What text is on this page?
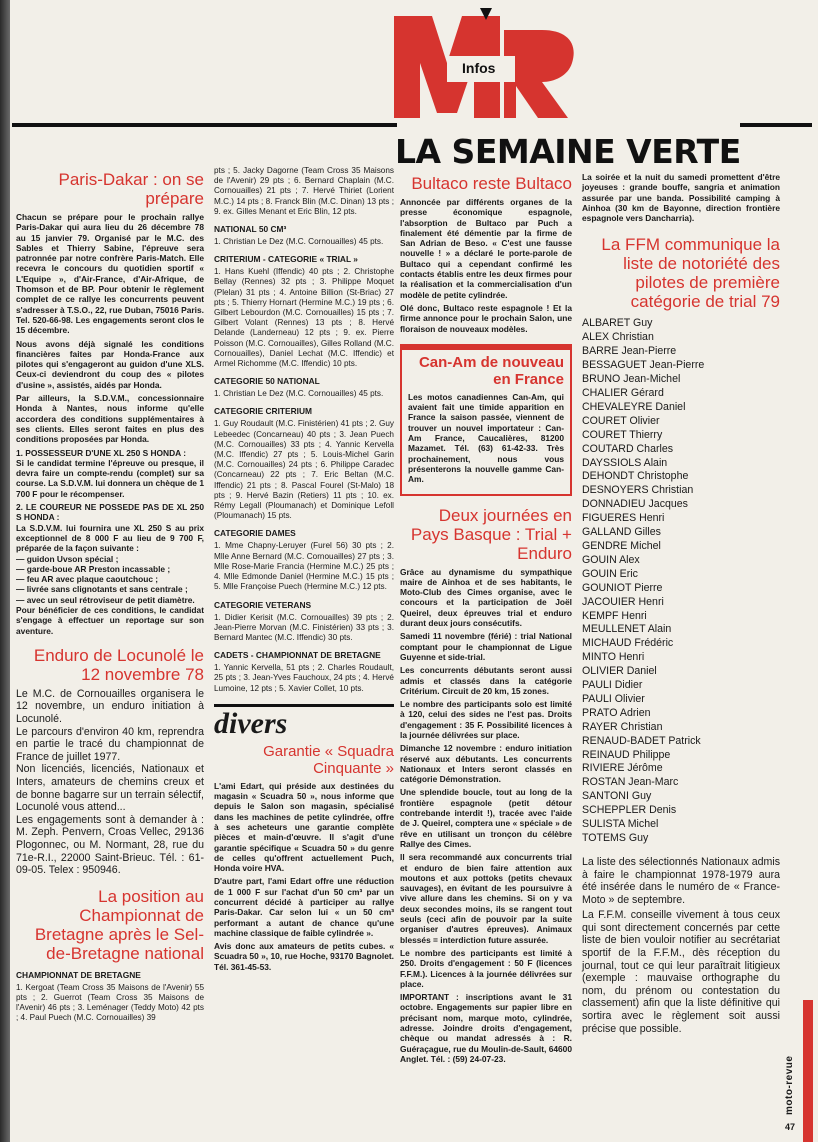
Infos
LA SEMAINE VERTE
Paris-Dakar : on se prépare

Chacun se prépare pour le prochain rallye Paris-Dakar qui aura lieu du 26 décembre 78 au 15 janvier 79. Organisé par le M.C. des Sables et Thierry Sabine, l'épreuve sera patronnée par notre confrère Paris-Match. Elle recevra le concours du quotidien sportif « L'Equipe », d'Air-France, d'Air-Afrique, de Thomson et de BP. Pour obtenir le règlement complet de ce rallye les concurrents peuvent s'adresser à T.S.O., 22, rue Duban, 75016 Paris. Tel. 520-66-98. Les engagements seront clos le 15 décembre.

Nous avons déjà signalé les conditions financières faites par Honda-France aux pilotes qui s'engageront au guidon d'une XLS. Ceux-ci deviendront du coup des « pilotes d'usine », assistés, aidés par Honda.

Par ailleurs, la S.D.V.M., concessionnaire Honda à Nantes, nous informe qu'elle accordera des conditions supplémentaires à ses clients. Elles seront faites en plus des conditions proposées par Honda.

1. POSSESSEUR D'UNE XL 250 S HONDA :

Si le candidat termine l'épreuve ou presque, il devra faire un compte-rendu (complet) sur sa course. La S.D.V.M. lui donnera un chèque de 1 700 F pour le récompenser.

2. LE COUREUR NE POSSEDE PAS DE XL 250 S HONDA :

La S.D.V.M. lui fournira une XL 250 S au prix exceptionnel de 8 000 F au lieu de 9 700 F, préparée de la façon suivante :

— guidon Uvson spécial ;

— garde-boue AR Preston incassable ;

— feu AR avec plaque caoutchouc ;

— livrée sans clignotants et sans centrale ;

— avec un seul rétroviseur de petit diamètre.

Pour bénéficier de ces conditions, le candidat s'engage à effectuer un reportage sur son aventure.

Enduro de Locunolé le 12 novembre 78

Le M.C. de Cornouailles organisera le 12 novembre, un enduro initiation à Locunolé.

Le parcours d'environ 40 km, reprendra en partie le tracé du championnat de France de juillet 1977.

Non licenciés, licenciés, Nationaux et Inters, amateurs de chemins creux et de bonne bagarre sur un terrain sélectif, Locunolé vous attend...

Les engagements sont à demander à : M. Zeph. Penvern, Croas Vellec, 29136 Plogonnec, ou M. Normant, 28, rue du 71e-R.I., 22000 Saint-Brieuc. Tél. : 61-09-05. Telex : 950946.

La position au Championnat de Bretagne après le Sel-de-Bretagne national

CHAMPIONNAT DE BRETAGNE

1. Kergoat (Team Cross 35 Maisons de l'Avenir) 55 pts ; 2. Guerrot (Team Cross 35 Maisons de l'Avenir) 46 pts ; 3. Leménager (Teddy Moto) 42 pts ; 4. Paul Puech (M.C. Cornouailles) 39

pts ; 5. Jacky Dagorne (Team Cross 35 Maisons de l'Avenir) 29 pts ; 6. Bernard Chaplain (M.C. Cornouailles) 21 pts ; 7. Hervé Thiriet (Lorient M.C.) 14 pts ; 8. Franck Blin (M.C. Dinan) 13 pts ; 9. ex. Gilles Menant et Eric Blin, 12 pts.

NATIONAL 50 CM³

1. Christian Le Dez (M.C. Cornouailles) 45 pts.

CRITERIUM - CATEGORIE « TRIAL »

1. Hans Kuehl (Iffendic) 40 pts ; 2. Christophe Bellay (Rennes) 32 pts ; 3. Philippe Moquet (Plelan) 31 pts ; 4. Antoine Billion (St-Briac) 27 pts ; 5. Thierry Hornart (Hermine M.C.) 19 pts ; 6. Gilbert Lebourdon (M.C. Cornouailles) 15 pts ; 7. Gilbert Volant (Rennes) 13 pts ; 8. Hervé Delande (Landerneau) 12 pts ; 9. ex. Pierre Poisson (M.C. Cornouailles), Gilles Rolland (M.C. Cornouailles), Daniel Lechat (M.C. Iffendic) et Armel Richomme (M.C. Iffendic) 10 pts.

CATEGORIE 50 NATIONAL

1. Christian Le Dez (M.C. Cornouailles) 45 pts.

CATEGORIE CRITERIUM

1. Guy Roudault (M.C. Finistérien) 41 pts ; 2. Guy Lebeedec (Concarneau) 40 pts ; 3. Jean Puech (M.C. Cornouailles) 33 pts ; 4. Yannic Kervella (M.C. Iffendic) 27 pts ; 5. Louis-Michel Garin (M.C. Cornouailles) 24 pts ; 6. Philippe Caradec (Concarneau) 22 pts ; 7. Eric Beltan (M.C. Iffendic) 21 pts ; 8. Pascal Fourel (St-Malo) 18 pts ; 9. Hervé Bazin (Retiers) 11 pts ; 10. ex. Rémy Legall (Ploumanach) et Dominique Lefoll (Ploumanach) 15 pts.

CATEGORIE DAMES

1. Mme Chapny-Leruyer (Furel 56) 30 pts ; 2. Mlle Anne Bernard (M.C. Cornouailles) 27 pts ; 3. Mlle Rose-Marie Francia (Hermine M.C.) 25 pts ; 4. Mlle Edmonde Daniel (Hermine M.C.) 15 pts ; 5. Mlle Françoise Puech (Hermine M.C.) 12 pts.

CATEGORIE VETERANS

1. Didier Kerisit (M.C. Cornouailles) 39 pts ; 2. Jean-Pierre Morvan (M.C. Finistérien) 33 pts ; 3. Bernard Mantec (M.C. Iffendic) 30 pts.

CADETS - CHAMPIONNAT DE BRETAGNE

1. Yannic Kervella, 51 pts ; 2. Charles Roudault, 25 pts ; 3. Jean-Yves Fauchoux, 24 pts ; 4. Hervé Lumoine, 12 pts ; 5. Xavier Collet, 10 pts.

divers
Garantie « Squadra Cinquante »

L'ami Edart, qui préside aux destinées du magasin « Scuadra 50 », nous informe que depuis le Salon son magasin, spécialisé dans les machines de petite cylindrée, offre à ses acheteurs une garantie complète pièces et main-d'œuvre. Il s'agit d'une garantie spécifique « Scuadra 50 » du genre de celles qu'offrent actuellement Puch, Honda voire HVA.

D'autre part, l'ami Edart offre une réduction de 1 000 F sur l'achat d'un 50 cm³ par un concurrent décidé à participer au rallye Paris-Dakar. Car selon lui « un 50 cm³ performant a autant de chance qu'une machine classique de faible cylindrée ».

Avis donc aux amateurs de petits cubes. « Scuadra 50 », 10, rue Hoche, 93170 Bagnolet. Tél. 361-45-53.

Bultaco reste Bultaco

Annoncée par différents organes de la presse économique espagnole, l'absorption de Bultaco par Puch a finalement été démentie par la firme de San Adrian de Beso. « C'est une fausse nouvelle ! » a déclaré le porte-parole de Bultaco qui a cependant confirmé les contacts établis entre les deux firmes pour la réalisation et la commercialisation d'un modèle de petite cylindrée.

Olé donc, Bultaco reste espagnole ! Et la firme annonce pour le prochain Salon, une floraison de nouveaux modèles.

Can-Am de nouveau en France

Les motos canadiennes Can-Am, qui avaient fait une timide apparition en France la saison passée, viennent de trouver un nouvel importateur : Can-Am France, Caucalières, 81200 Mazamet. Tél. (63) 61-42-33. Très prochainement, nous vous présenterons la nouvelle gamme Can-Am.

Deux journées en Pays Basque : Trial + Enduro

Grâce au dynamisme du sympathique maire de Ainhoa et de ses habitants, le Moto-Club des Cimes organise, avec le concours et la participation de Joël Queirel, deux épreuves trial et enduro durant deux jours consécutifs.

Samedi 11 novembre (férié) : trial National comptant pour le championnat de Ligue Guyenne et side-trial.

Les concurrents débutants seront aussi admis et classés dans la catégorie Critérium. Circuit de 20 km, 15 zones.

Le nombre des participants solo est limité à 120, celui des sides ne l'est pas. Droits d'engagement : 35 F. Possibilité licences à la journée délivrées sur place.

Dimanche 12 novembre : enduro initiation réservé aux débutants. Les concurrents Nationaux et Inters seront classés en catégorie Démonstration.

Une splendide boucle, tout au long de la frontière espagnole (petit détour contrebande interdit !), tracée avec l'aide de J. Queirel, comptera une « spéciale » de rêve en utilisant un tronçon du célèbre Rallye des Cimes.

Il sera recommandé aux concurrents trial et enduro de bien faire attention aux moutons et aux pottoks (petits chevaux sauvages), en évitant de les poursuivre à vive allure dans les chemins. Si on y va deux secondes moins, ils se rangent tout seuls (ceci afin de pouvoir par la suite organiser d'autres épreuves). Animaux blessés = interdiction future assurée.

Le nombre des participants est limité à 250. Droits d'engagement : 50 F (licences F.F.M.). Licences à la journée délivrées sur place.

IMPORTANT : inscriptions avant le 31 octobre. Engagements sur papier libre en précisant nom, marque moto, cylindrée, adresse. Joindre droits d'engagement, chèque ou mandat adressés à : R. Guéraçague, rue du Moulin-de-Sault, 64600 Anglet. Tél. : (59) 24-07-23.

La soirée et la nuit du samedi promettent d'être joyeuses : grande bouffe, sangria et animation assurée par une banda. Possibilité camping à Ainhoa (30 km de Bayonne, direction frontière espagnole vers Dancharria).

La FFM communique la liste de notoriété des pilotes de première catégorie de trial 79
ALBARET Guy
ALEX Christian
BARRE Jean-Pierre
BESSAGUET Jean-Pierre
BRUNO Jean-Michel
CHALIER Gérard
CHEVALEYRE Daniel
COURET Olivier
COURET Thierry
COUTARD Charles
DAYSSIOLS Alain
DEHONDT Christophe
DESNOYERS Christian
DONNADIEU Jacques
FIGUERES Henri
GALLAND Gilles
GENDRE Michel
GOUIN Alex
GOUIN Eric
GOUNIOT Pierre
JACOUIER Henri
KEMPF Henri
MEULLENET Alain
MICHAUD Frédéric
MINTO Henri
OLIVIER Daniel
PAULI Didier
PAULI Olivier
PRATO Adrien
RAYER Christian
RENAUD-BADET Patrick
REINAUD Philippe
RIVIERE Jérôme
ROSTAN Jean-Marc
SANTONI Guy
SCHEPPLER Denis
SULISTA Michel
TOTEMS Guy

La liste des sélectionnés Nationaux admis à faire le championnat 1978-1979 aura été insérée dans le numéro de « France-Moto » de septembre.

La F.F.M. conseille vivement à tous ceux qui sont directement concernés par cette liste de bien vouloir notifier au secrétariat sportif de la F.F.M., dès réception du journal, tout ce qui leur paraîtrait litigieux (exemple : mauvaise orthographe du nom, du prénom ou contestation du classement) afin que la liste définitive qui sortira avec le règlement soit aussi précise que possible.

moto-revue
47
